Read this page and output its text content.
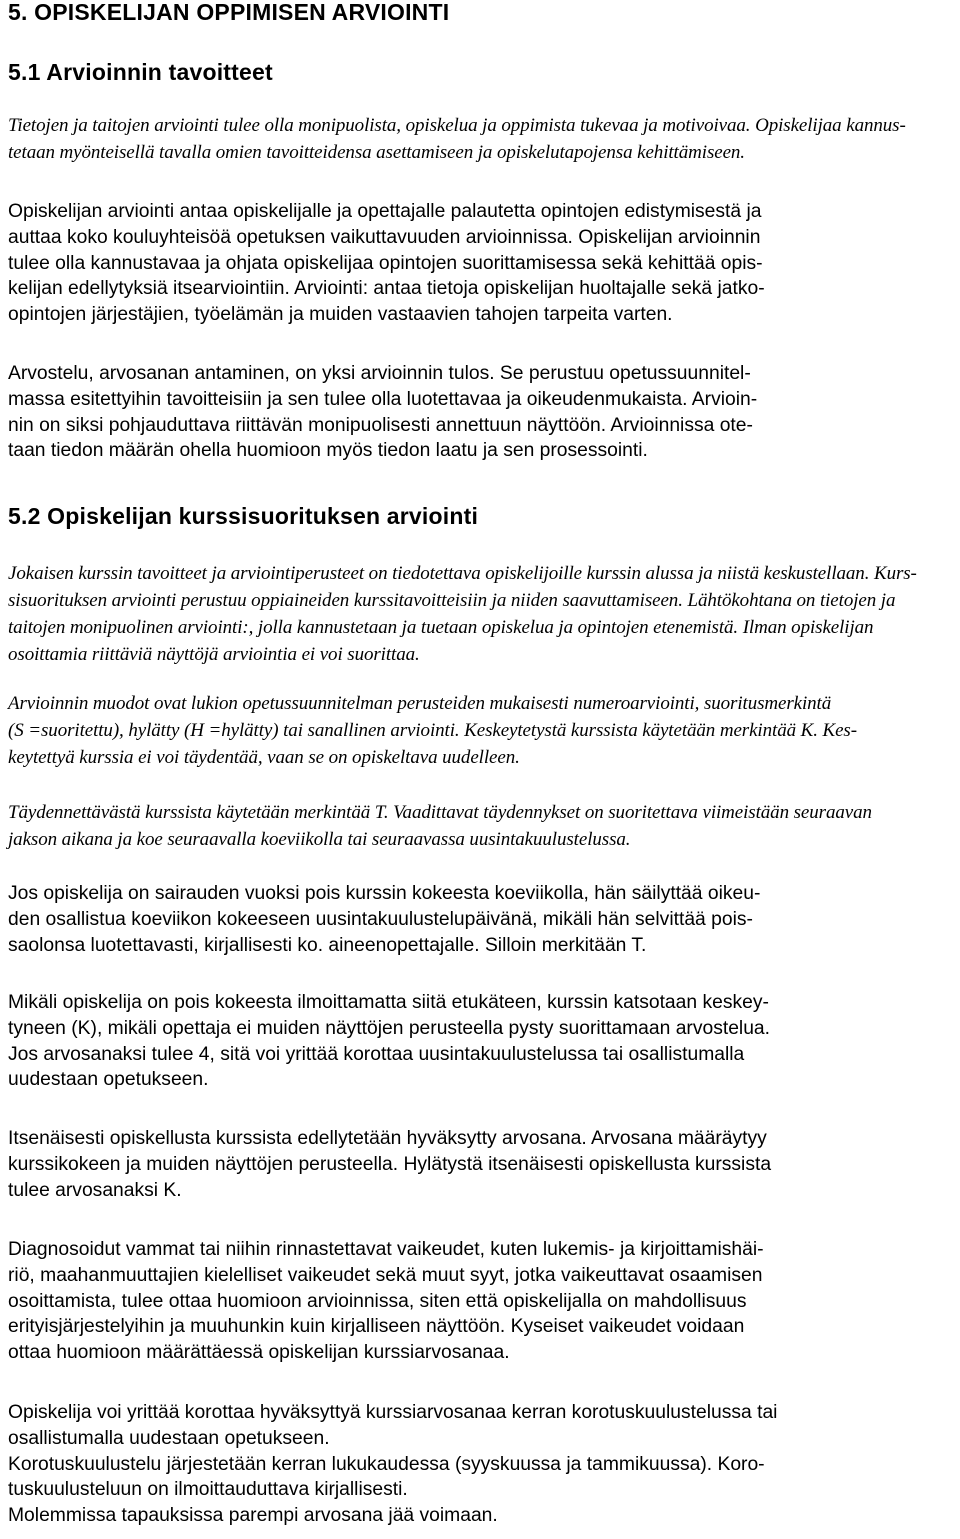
5. OPISKELIJAN OPPIMISEN ARVIOINTI
5.1 Arvioinnin tavoitteet
Tietojen ja taitojen arviointi tulee olla monipuolista, opiskelua ja oppimista tukevaa ja motivoivaa. Opiskelijaa kannus-
tetaan myönteisellä tavalla omien tavoitteidensa asettamiseen ja opiskelutapojensa kehittämiseen.
Opiskelijan arviointi antaa opiskelijalle ja opettajalle palautetta opintojen edistymisestä ja
auttaa koko kouluyhteisöä opetuksen vaikuttavuuden arvioinnissa. Opiskelijan arvioinnin
tulee olla kannustavaa ja ohjata opiskelijaa opintojen suorittamisessa sekä kehittää opis-
kelijan edellytyksiä itsearviointiin. Arviointi: antaa tietoja opiskelijan huoltajalle sekä jatko-
opintojen järjestäjien, työelämän ja muiden vastaavien tahojen tarpeita varten.
Arvostelu, arvosanan antaminen, on yksi arvioinnin tulos. Se perustuu opetussuunnitel-
massa esitettyihin tavoitteisiin ja sen tulee olla luotettavaa ja oikeudenmukaista. Arvioin-
nin on siksi pohjauduttava riittävän monipuolisesti annettuun näyttöön. Arvioinnissa ote-
taan tiedon määrän ohella huomioon myös tiedon laatu ja sen prosessointi.
5.2 Opiskelijan kurssisuorituksen arviointi
Jokaisen kurssin tavoitteet ja arviointiperusteet on tiedotettava opiskelijoille kurssin alussa ja niistä keskustellaan. Kurs-
sisuorituksen arviointi perustuu oppiaineiden kurssitavoitteisiin ja niiden saavuttamiseen. Lähtökohtana on tietojen ja
taitojen monipuolinen arviointi:, jolla kannustetaan ja tuetaan opiskelua ja opintojen etenemistä. Ilman opiskelijan
osoittamia riittäviä näyttöjä arviointia ei voi suorittaa.
Arvioinnin muodot ovat lukion opetussuunnitelman perusteiden mukaisesti numeroarviointi, suoritusmerkintä
(S =suoritettu), hylätty (H =hylätty) tai sanallinen arviointi. Keskeytetystä kurssista käytetään merkintää K. Kes-
keytettyä kurssia ei voi täydentää, vaan se on opiskeltava uudelleen.
Täydennettävästä kurssista käytetään merkintää T. Vaadittavat täydennykset on suoritettava viimeistään seuraavan
jakson aikana ja koe seuraavalla koeviikolla tai seuraavassa uusintakuulustelussa.
Jos opiskelija on sairauden vuoksi pois kurssin kokeesta koeviikolla, hän säilyttää oikeu-
den osallistua koeviikon kokeeseen uusintakuulustelupäivänä, mikäli hän selvittää pois-
saolonsa luotettavasti, kirjallisesti ko. aineenopettajalle. Silloin merkitään T.
Mikäli opiskelija on pois kokeesta ilmoittamatta siitä etukäteen, kurssin katsotaan keskey-
tyneen (K), mikäli opettaja ei muiden näyttöjen perusteella pysty suorittamaan arvostelua.
Jos arvosanaksi tulee 4, sitä voi yrittää korottaa uusintakuulustelussa tai osallistumalla
uudestaan opetukseen.
Itsenäisesti opiskellusta kurssista edellytetään hyväksytty arvosana. Arvosana määräytyy
kurssikokeen ja muiden näyttöjen perusteella. Hylätystä itsenäisesti opiskellusta kurssista
tulee arvosanaksi K.
Diagnosoidut vammat tai niihin rinnastettavat vaikeudet, kuten lukemis- ja kirjoittamishäi-
riö, maahanmuuttajien kielelliset vaikeudet sekä muut syyt, jotka vaikeuttavat osaamisen
osoittamista, tulee ottaa huomioon arvioinnissa, siten että opiskelijalla on mahdollisuus
erityisjärjestelyihin ja muuhunkin kuin kirjalliseen näyttöön. Kyseiset vaikeudet voidaan
ottaa huomioon määrättäessä opiskelijan kurssiarvosanaa.
Opiskelija voi yrittää korottaa hyväksyttyä kurssiarvosanaa kerran korotuskuulustelussa tai
osallistumalla uudestaan opetukseen.
Korotuskuulustelu järjestetään kerran lukukaudessa (syyskuussa ja tammikuussa). Koro-
tuskuulusteluun on ilmoittauduttava kirjallisesti.
Molemmissa tapauksissa parempi arvosana jää voimaan.
